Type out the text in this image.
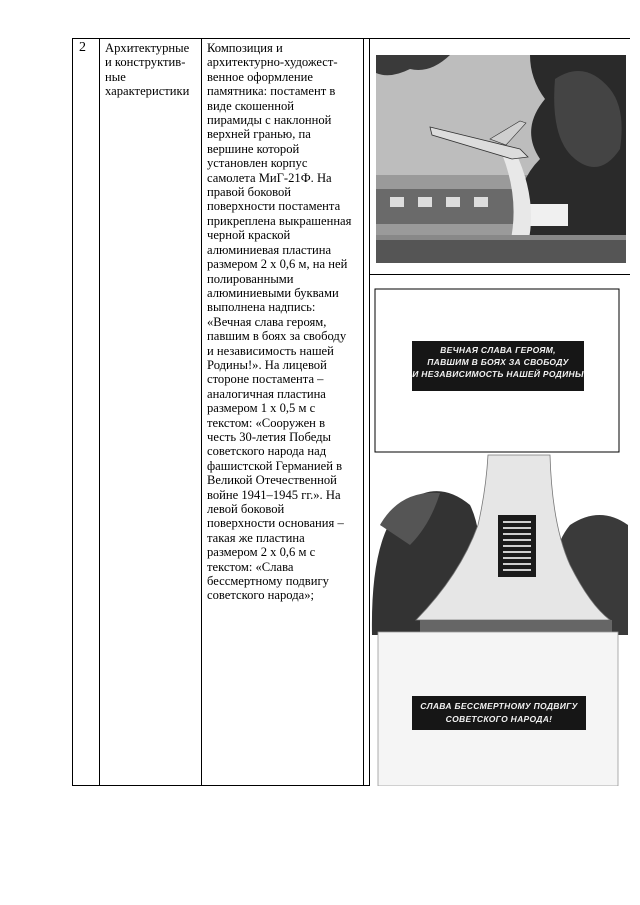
2 Архитектурные
и конструктив-
ные
характеристики
Композиция и
архитектурно-художест-
венное оформление
памятника: постамент в
виде скошенной
пирамиды с наклонной
верхней гранью, па
вершине которой
установлен корпус
самолета МиГ-21Ф. На
правой боковой
поверхности постамента
прикреплена выкрашенная
черной краской
алюминиевая пластина
размером 2 х 0,6 м, на ней
полированными
алюминиевыми буквами
выполнена надпись:
«Вечная слава героям,
павшим в боях за свободу
и независимость нашей
Родины!». На лицевой
стороне постамента –
аналогичная пластина
размером 1 х 0,5 м с
текстом: «Сооружен в
честь 30-летия Победы
советского народа над
фашистской Германией в
Великой Отечественной
войне 1941–1945 гг.». На
левой боковой
поверхности основания –
такая же пластина
размером 2 х 0,6 м с
текстом: «Слава
бессмертному подвигу
советского народа»;
ВЕЧНАЯ СЛАВА ГЕРОЯМ,
ПАВШИМ В БОЯХ ЗА СВОБОДУ
И НЕЗАВИСИМОСТЬ НАШЕЙ РОДИНЫ
СЛАВА БЕССМЕРТНОМУ ПОДВИГУ
СОВЕТСКОГО НАРОДА!
